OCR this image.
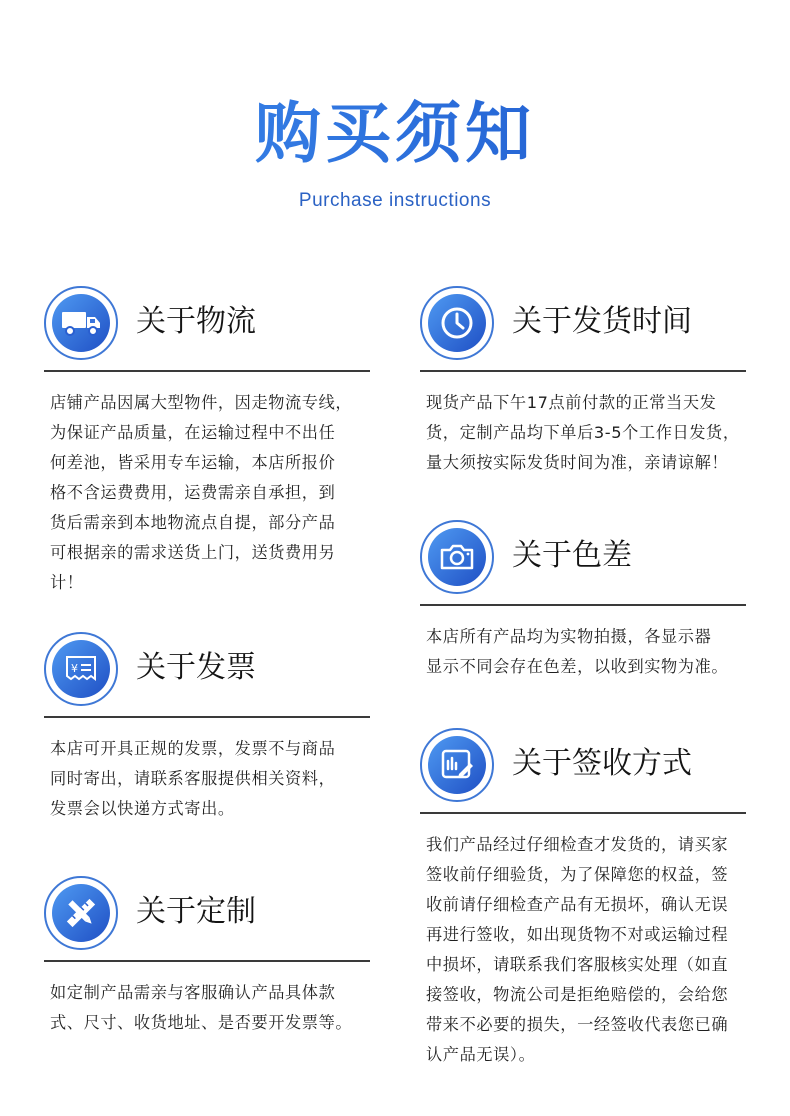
购买须知
Purchase instructions
关于物流
店铺产品因属大型物件，因走物流专线，
为保证产品质量，在运输过程中不出任
何差池，皆采用专车运输，本店所报价
格不含运费费用，运费需亲自承担，到
货后需亲到本地物流点自提，部分产品
可根据亲的需求送货上门，送货费用另
计！
¥ 关于发票
本店可开具正规的发票，发票不与商品
同时寄出，请联系客服提供相关资料，
发票会以快递方式寄出。
关于定制
如定制产品需亲与客服确认产品具体款
式、尺寸、收货地址、是否要开发票等。
关于发货时间
现货产品下午17点前付款的正常当天发
货，定制产品均下单后3-5个工作日发货，
量大须按实际发货时间为准，亲请谅解！
关于色差
本店所有产品均为实物拍摄，各显示器
显示不同会存在色差，以收到实物为准。
关于签收方式
我们产品经过仔细检查才发货的，请买家
签收前仔细验货，为了保障您的权益，签
收前请仔细检查产品有无损坏，确认无误
再进行签收，如出现货物不对或运输过程
中损坏，请联系我们客服核实处理（如直
接签收，物流公司是拒绝赔偿的，会给您
带来不必要的损失，一经签收代表您已确
认产品无误）。
